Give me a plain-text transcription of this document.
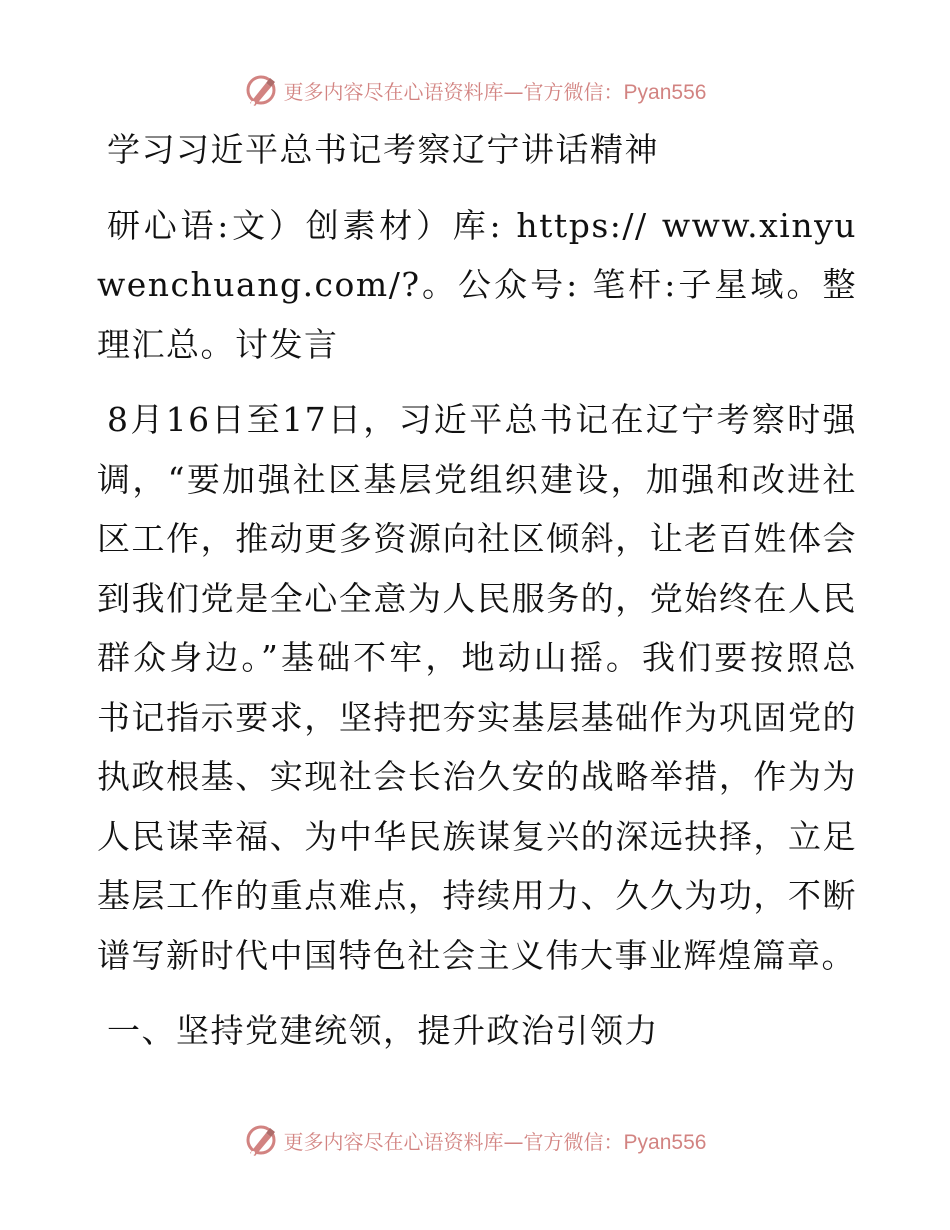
更多内容尽在心语资料库—官方微信：Pyan556

学习习近平总书记考察辽宁讲话精神

研心语:文）创素材）库: https:// www.xinyuwenchuang.com/?。公众号: 笔杆:子星域。整理汇总。讨发言

8月16日至17日，习近平总书记在辽宁考察时强调，“要加强社区基层党组织建设，加强和改进社区工作，推动更多资源向社区倾斜，让老百姓体会到我们党是全心全意为人民服务的，党始终在人民群众身边。”基础不牢，地动山摇。我们要按照总书记指示要求，坚持把夯实基层基础作为巩固党的执政根基、实现社会长治久安的战略举措，作为为人民谋幸福、为中华民族谋复兴的深远抉择，立足基层工作的重点难点，持续用力、久久为功，不断谱写新时代中国特色社会主义伟大事业辉煌篇章。

一、坚持党建统领，提升政治引领力

更多内容尽在心语资料库—官方微信：Pyan556
